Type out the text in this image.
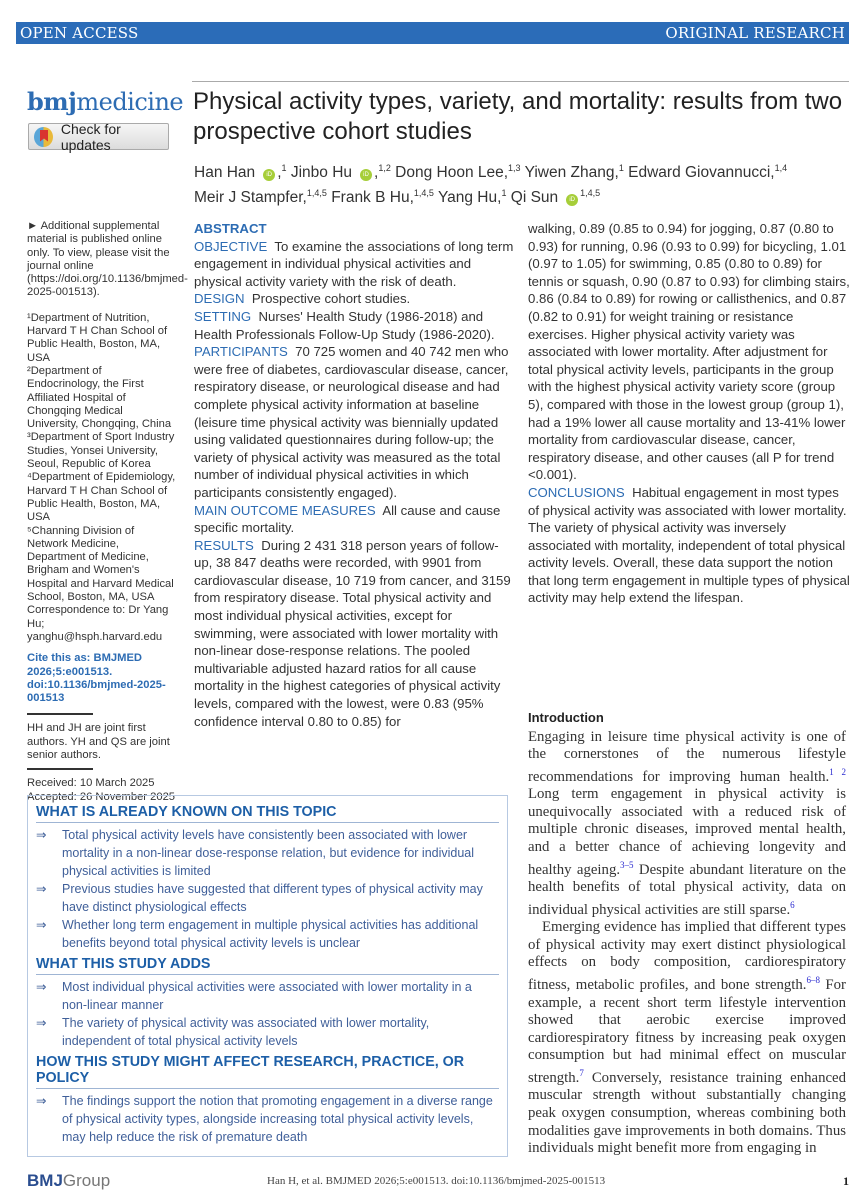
OPEN ACCESS	ORIGINAL RESEARCH
bmjmedicine
Check for updates
Physical activity types, variety, and mortality: results from two prospective cohort studies
Han Han iD ,$^1$ Jinbo Hu iD ,$^{1,2}$ Dong Hoon Lee,$^{1,3}$ Yiwen Zhang,$^1$ Edward Giovannucci,$^{1,4}$
Meir J Stampfer,$^{1,4,5}$ Frank B Hu,$^{1,4,5}$ Yang Hu,$^1$ Qi Sun iD$^{1,4,5}$

► Additional supplemental material is published online only. To view, please visit the journal online (https://doi.org/10.1136/bmjmed-2025-001513).

¹Department of Nutrition, Harvard T H Chan School of Public Health, Boston, MA, USA

²Department of Endocrinology, the First Affiliated Hospital of Chongqing Medical University, Chongqing, China

³Department of Sport Industry Studies, Yonsei University, Seoul, Republic of Korea

⁴Department of Epidemiology, Harvard T H Chan School of Public Health, Boston, MA, USA

⁵Channing Division of Network Medicine, Department of Medicine, Brigham and Women's Hospital and Harvard Medical School, Boston, MA, USA

Correspondence to: Dr Yang Hu; yanghu@hsph.harvard.edu

Cite this as: BMJMED 2026;5:e001513. doi:10.1136/bmjmed-2025-001513

HH and JH are joint first authors. YH and QS are joint senior authors.

Received: 10 March 2025

Accepted: 26 November 2025

ABSTRACT
OBJECTIVE To examine the associations of long term engagement in individual physical activities and physical activity variety with the risk of death.
DESIGN Prospective cohort studies.
SETTING Nurses' Health Study (1986-2018) and Health Professionals Follow-Up Study (1986-2020).
PARTICIPANTS 70 725 women and 40 742 men who were free of diabetes, cardiovascular disease, cancer, respiratory disease, or neurological disease and had complete physical activity information at baseline (leisure time physical activity was biennially updated using validated questionnaires during follow-up; the variety of physical activity was measured as the total number of individual physical activities in which participants consistently engaged).
MAIN OUTCOME MEASURES All cause and cause specific mortality.
RESULTS During 2 431 318 person years of follow-up, 38 847 deaths were recorded, with 9901 from cardiovascular disease, 10 719 from cancer, and 3159 from respiratory disease. Total physical activity and most individual physical activities, except for swimming, were associated with lower mortality with non-linear dose-response relations. The pooled multivariable adjusted hazard ratios for all cause mortality in the highest categories of physical activity levels, compared with the lowest, were 0.83 (95% confidence interval 0.80 to 0.85) for
walking, 0.89 (0.85 to 0.94) for jogging, 0.87 (0.80 to 0.93) for running, 0.96 (0.93 to 0.99) for bicycling, 1.01 (0.97 to 1.05) for swimming, 0.85 (0.80 to 0.89) for tennis or squash, 0.90 (0.87 to 0.93) for climbing stairs, 0.86 (0.84 to 0.89) for rowing or callisthenics, and 0.87 (0.82 to 0.91) for weight training or resistance exercises. Higher physical activity variety was associated with lower mortality. After adjustment for total physical activity levels, participants in the group with the highest physical activity variety score (group 5), compared with those in the lowest group (group 1), had a 19% lower all cause mortality and 13-41% lower mortality from cardiovascular disease, cancer, respiratory disease, and other causes (all P for trend <0.001).
CONCLUSIONS Habitual engagement in most types of physical activity was associated with lower mortality. The variety of physical activity was inversely associated with mortality, independent of total physical activity levels. Overall, these data support the notion that long term engagement in multiple types of physical activity may help extend the lifespan.
WHAT IS ALREADY KNOWN ON THIS TOPIC
⇒	Total physical activity levels have consistently been associated with lower mortality in a non-linear dose-response relation, but evidence for individual physical activities is limited
⇒	Previous studies have suggested that different types of physical activity may have distinct physiological effects
⇒	Whether long term engagement in multiple physical activities has additional benefits beyond total physical activity levels is unclear
WHAT THIS STUDY ADDS
⇒	Most individual physical activities were associated with lower mortality in a non-linear manner
⇒	The variety of physical activity was associated with lower mortality, independent of total physical activity levels
HOW THIS STUDY MIGHT AFFECT RESEARCH, PRACTICE, OR POLICY
⇒	The findings support the notion that promoting engagement in a diverse range of physical activity types, alongside increasing total physical activity levels, may help reduce the risk of premature death
Introduction

Engaging in leisure time physical activity is one of the cornerstones of the numerous lifestyle recommendations for improving human health.$^{1 2}$ Long term engagement in physical activity is unequivocally associated with a reduced risk of multiple chronic diseases, improved mental health, and a better chance of achieving longevity and healthy ageing.$^{3-5}$ Despite abundant literature on the health benefits of total physical activity, data on individual physical activities are still sparse.$^6$

Emerging evidence has implied that different types of physical activity may exert distinct physiological effects on body composition, cardiorespiratory fitness, metabolic profiles, and bone strength.$^{6-8}$ For example, a recent short term lifestyle intervention showed that aerobic exercise improved cardiorespiratory fitness by increasing peak oxygen consumption but had minimal effect on muscular strength.$^7$ Conversely, resistance training enhanced muscular strength without substantially changing peak oxygen consumption, whereas combining both modalities gave improvements in both domains. Thus individuals might benefit more from engaging in

BMJGroup	Han H, et al. BMJMED 2026;5:e001513. doi:10.1136/bmjmed-2025-001513	1
